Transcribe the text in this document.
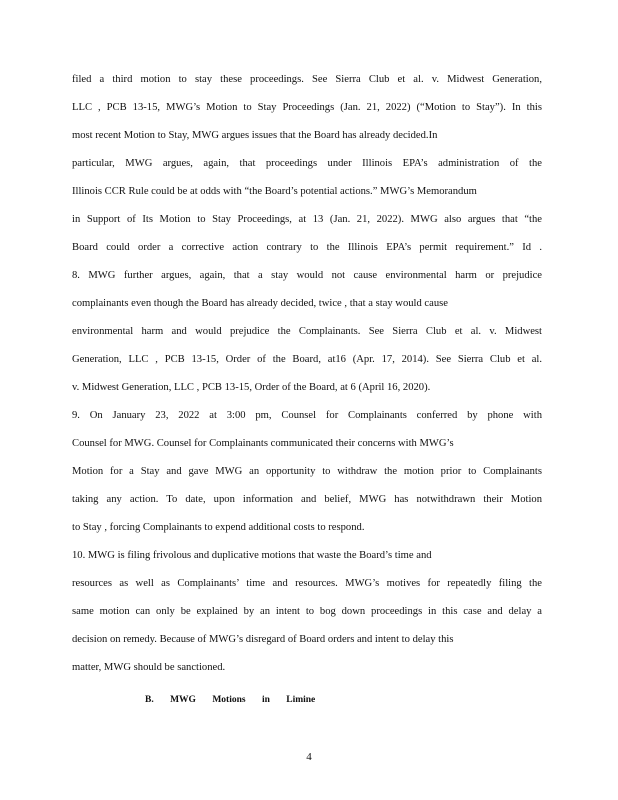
filed a third motion to stay these proceedings. See Sierra Club et al. v. Midwest Generation,
LLC , PCB 13-15, MWG’s Motion to Stay Proceedings (Jan. 21, 2022) (“Motion to Stay”). In this
most recent Motion to Stay, MWG argues issues that the Board has already decided.In
particular, MWG argues, again, that proceedings under Illinois EPA’s administration of the
Illinois CCR Rule could be at odds with “the Board’s potential actions.” MWG’s Memorandum
in Support of Its Motion to Stay Proceedings, at 13 (Jan. 21, 2022). MWG also argues that “the
Board could order a corrective action contrary to the Illinois EPA’s permit requirement.” Id .
8. MWG further argues, again, that a stay would not cause environmental harm or prejudice
complainants even though the Board has already decided, twice , that a stay would cause
environmental harm and would prejudice the Complainants. See Sierra Club et al. v. Midwest
Generation, LLC , PCB 13-15, Order of the Board, at16 (Apr. 17, 2014). See Sierra Club et al.
v. Midwest Generation, LLC , PCB 13-15, Order of the Board, at 6 (April 16, 2020).
9. On January 23, 2022 at 3:00 pm, Counsel for Complainants conferred by phone with
Counsel for MWG. Counsel for Complainants communicated their concerns with MWG’s
Motion for a Stay and gave MWG an opportunity to withdraw the motion prior to Complainants
taking any action. To date, upon information and belief, MWG has notwithdrawn their Motion
to Stay , forcing Complainants to expend additional costs to respond.
10. MWG is filing frivolous and duplicative motions that waste the Board’s time and
resources as well as Complainants’ time and resources. MWG’s motives for repeatedly filing the
same motion can only be explained by an intent to bog down proceedings in this case and delay a
decision on remedy. Because of MWG’s disregard of Board orders and intent to delay this
matter, MWG should be sanctioned.
B. MWG Motions in Limine
4
